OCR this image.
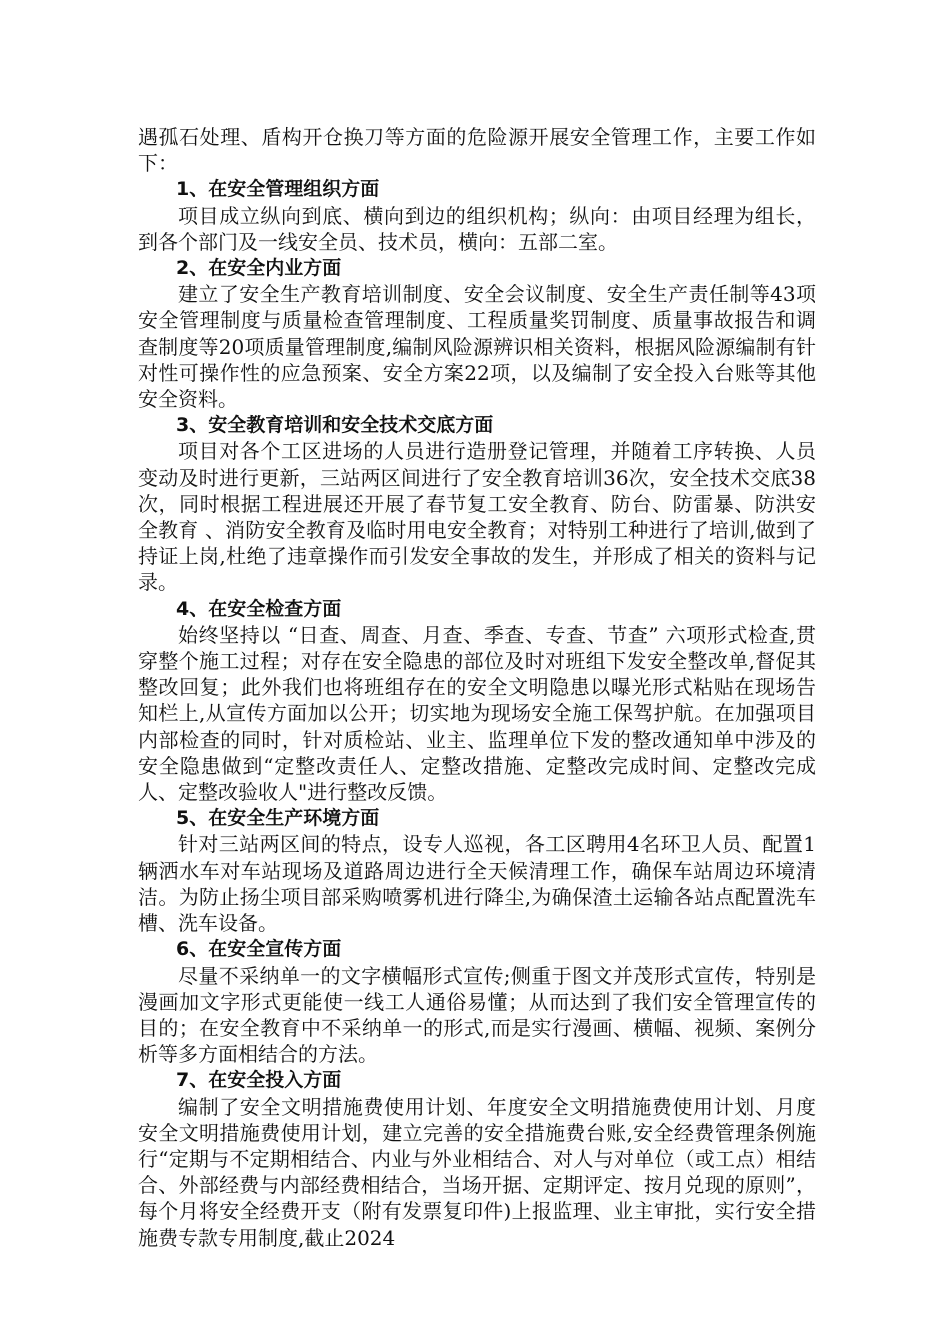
遇孤石处理、盾构开仓换刀等方面的危险源开展安全管理工作，主要工作如下：

1、在安全管理组织方面

项目成立纵向到底、横向到边的组织机构；纵向：由项目经理为组长，到各个部门及一线安全员、技术员，横向：五部二室。

2、在安全内业方面

建立了安全生产教育培训制度、安全会议制度、安全生产责任制等43项安全管理制度与质量检查管理制度、工程质量奖罚制度、质量事故报告和调查制度等20项质量管理制度,编制风险源辨识相关资料，根据风险源编制有针对性可操作性的应急预案、安全方案22项，以及编制了安全投入台账等其他安全资料。

3、安全教育培训和安全技术交底方面

项目对各个工区进场的人员进行造册登记管理，并随着工序转换、人员变动及时进行更新，三站两区间进行了安全教育培训36次，安全技术交底38次，同时根据工程进展还开展了春节复工安全教育、防台、防雷暴、防洪安全教育 、消防安全教育及临时用电安全教育；对特别工种进行了培训,做到了持证上岗,杜绝了违章操作而引发安全事故的发生，并形成了相关的资料与记录。

4、在安全检查方面

始终坚持以 “日查、周查、月查、季查、专查、节查” 六项形式检查,贯穿整个施工过程；对存在安全隐患的部位及时对班组下发安全整改单,督促其整改回复；此外我们也将班组存在的安全文明隐患以曝光形式粘贴在现场告知栏上,从宣传方面加以公开；切实地为现场安全施工保驾护航。在加强项目内部检查的同时，针对质检站、业主、监理单位下发的整改通知单中涉及的安全隐患做到“定整改责任人、定整改措施、定整改完成时间、定整改完成人、定整改验收人"进行整改反馈。

5、在安全生产环境方面

针对三站两区间的特点，设专人巡视，各工区聘用4名环卫人员、配置1辆洒水车对车站现场及道路周边进行全天候清理工作，确保车站周边环境清洁。为防止扬尘项目部采购喷雾机进行降尘,为确保渣土运输各站点配置洗车槽、洗车设备。

6、在安全宣传方面

尽量不采纳单一的文字横幅形式宣传;侧重于图文并茂形式宣传，特别是漫画加文字形式更能使一线工人通俗易懂；从而达到了我们安全管理宣传的目的；在安全教育中不采纳单一的形式,而是实行漫画、横幅、视频、案例分析等多方面相结合的方法。

7、在安全投入方面

编制了安全文明措施费使用计划、年度安全文明措施费使用计划、月度安全文明措施费使用计划，建立完善的安全措施费台账,安全经费管理条例施行“定期与不定期相结合、内业与外业相结合、对人与对单位（或工点）相结合、外部经费与内部经费相结合，当场开据、定期评定、按月兑现的原则”，每个月将安全经费开支（附有发票复印件)上报监理、业主审批，实行安全措施费专款专用制度,截止2024
